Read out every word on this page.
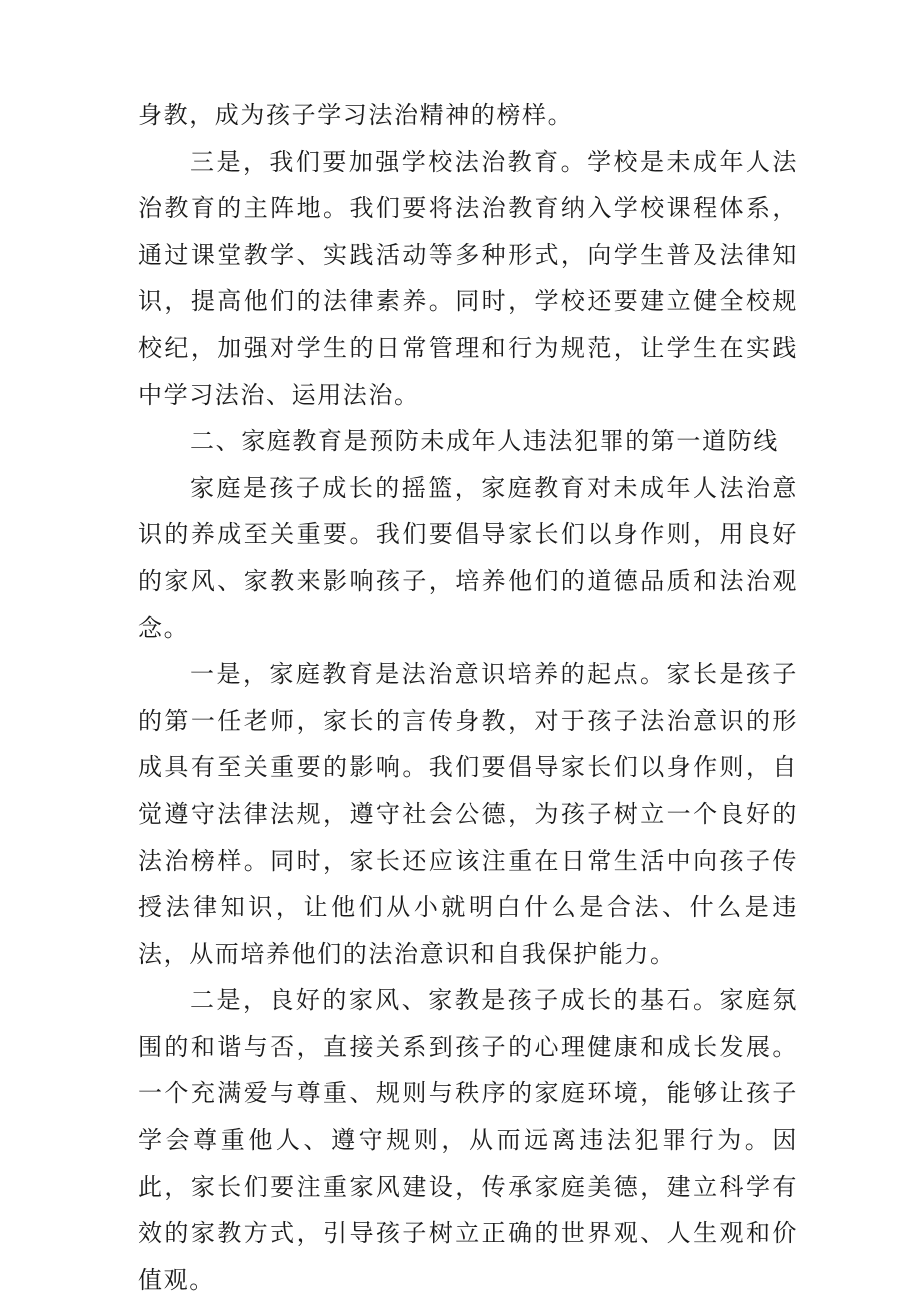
身教，成为孩子学习法治精神的榜样。

三是，我们要加强学校法治教育。学校是未成年人法治教育的主阵地。我们要将法治教育纳入学校课程体系，通过课堂教学、实践活动等多种形式，向学生普及法律知识，提高他们的法律素养。同时，学校还要建立健全校规校纪，加强对学生的日常管理和行为规范，让学生在实践中学习法治、运用法治。

二、家庭教育是预防未成年人违法犯罪的第一道防线

家庭是孩子成长的摇篮，家庭教育对未成年人法治意识的养成至关重要。我们要倡导家长们以身作则，用良好的家风、家教来影响孩子，培养他们的道德品质和法治观念。

一是，家庭教育是法治意识培养的起点。家长是孩子的第一任老师，家长的言传身教，对于孩子法治意识的形成具有至关重要的影响。我们要倡导家长们以身作则，自觉遵守法律法规，遵守社会公德，为孩子树立一个良好的法治榜样。同时，家长还应该注重在日常生活中向孩子传授法律知识，让他们从小就明白什么是合法、什么是违法，从而培养他们的法治意识和自我保护能力。

二是，良好的家风、家教是孩子成长的基石。家庭氛围的和谐与否，直接关系到孩子的心理健康和成长发展。一个充满爱与尊重、规则与秩序的家庭环境，能够让孩子学会尊重他人、遵守规则，从而远离违法犯罪行为。因此，家长们要注重家风建设，传承家庭美德，建立科学有效的家教方式，引导孩子树立正确的世界观、人生观和价值观。
